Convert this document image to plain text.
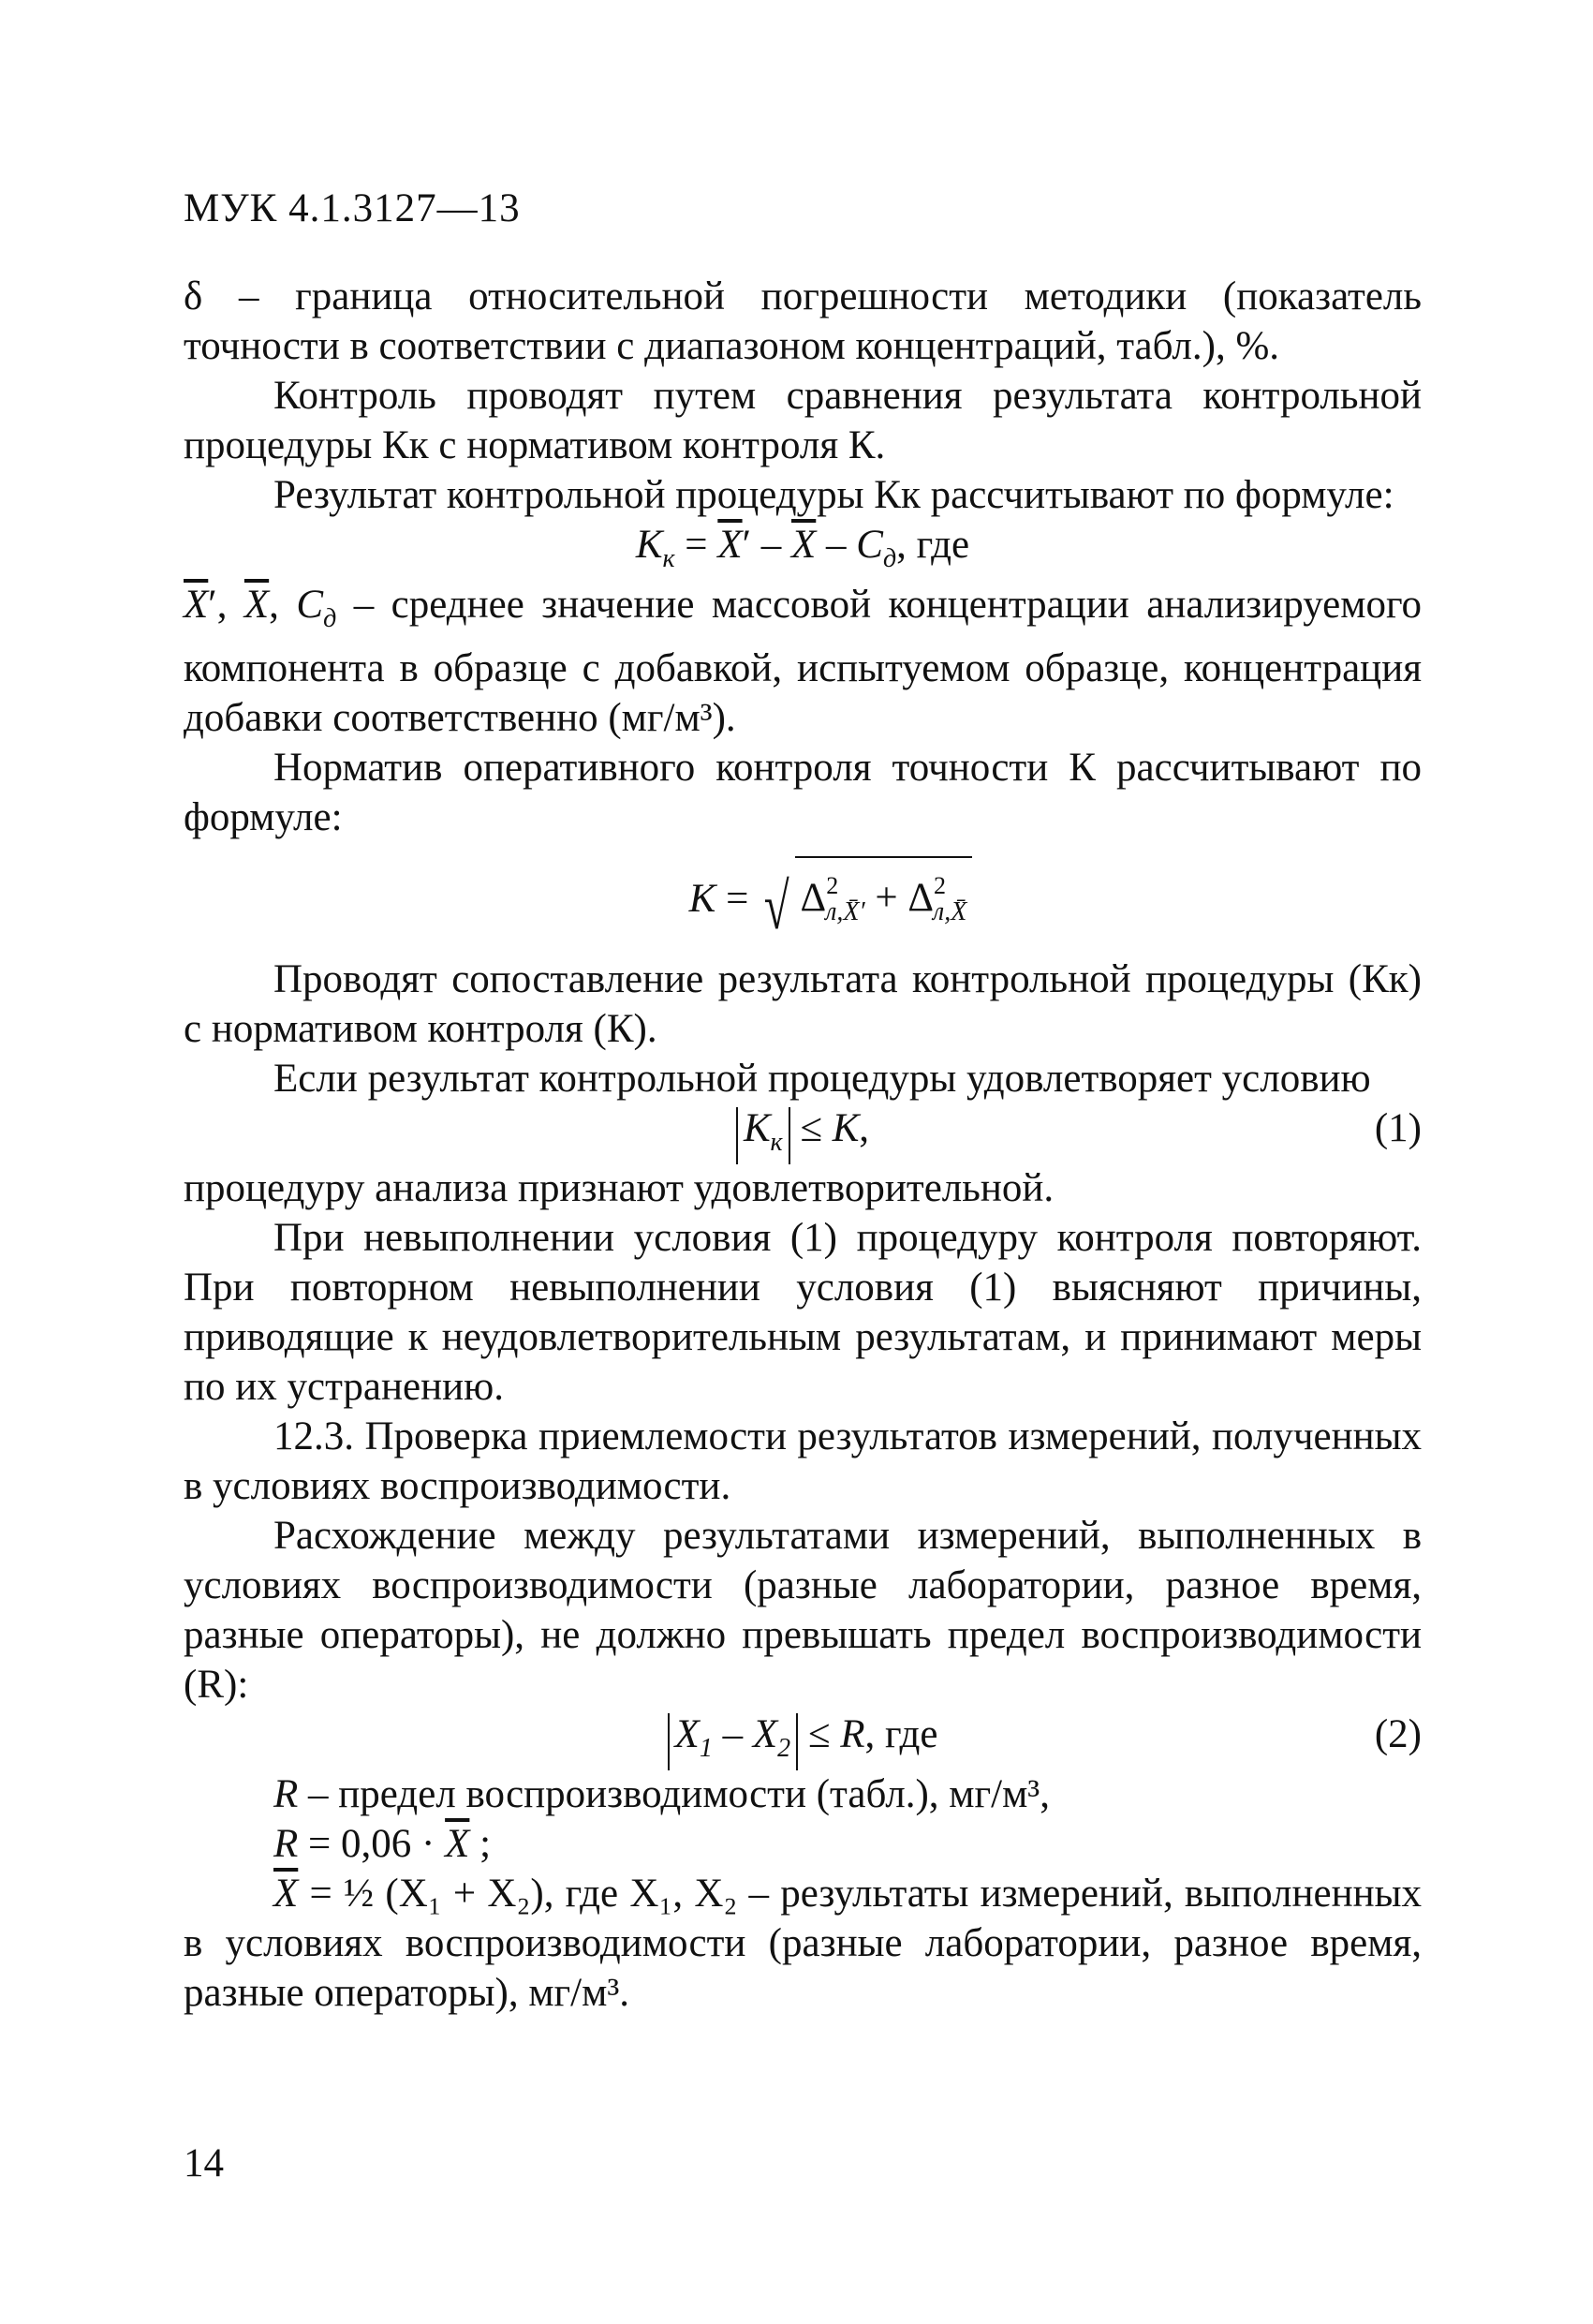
МУК 4.1.3127—13

δ – граница относительной погрешности методики (показатель точности в соответствии с диапазоном концентраций, табл.), %.

Контроль проводят путем сравнения результата контрольной процедуры Кк с нормативом контроля К.

Результат контрольной процедуры Кк рассчитывают по формуле:

$К_к = \overline{X}' - \overline{X} - С_д$, где

$\overline{X}'$, $\overline{X}$, $С_д$ – среднее значение массовой концентрации анализируемого компонента в образце с добавкой, испытуемом образце, концентрация добавки соответственно (мг/м³).

Норматив оперативного контроля точности К рассчитывают по формуле:

K = √ $\Delta^2_{л,X̄'} + \Delta^2_{л,X̄}$

Проводят сопоставление результата контрольной процедуры (Кк) с нормативом контроля (К).

Если результат контрольной процедуры удовлетворяет условию

$К_к \le К$,	(1)

процедуру анализа признают удовлетворительной.

При невыполнении условия (1) процедуру контроля повторяют. При повторном невыполнении условия (1) выясняют причины, приводящие к неудовлетворительным результатам, и принимают меры по их устранению.

12.3. Проверка приемлемости результатов измерений, полученных в условиях воспроизводимости.

Расхождение между результатами измерений, выполненных в условиях воспроизводимости (разные лаборатории, разное время, разные операторы), не должно превышать предел воспроизводимости (R):

$X_1 - X_2 \le R$, где	(2)

R – предел воспроизводимости (табл.), мг/м³,

$R = 0,06 \cdot \overline{X}$ ;

$\overline{X}$ = ½ (X₁ + X₂), где X₁, X₂ – результаты измерений, выполненных в условиях воспроизводимости (разные лаборатории, разное время, разные операторы), мг/м³.

14
